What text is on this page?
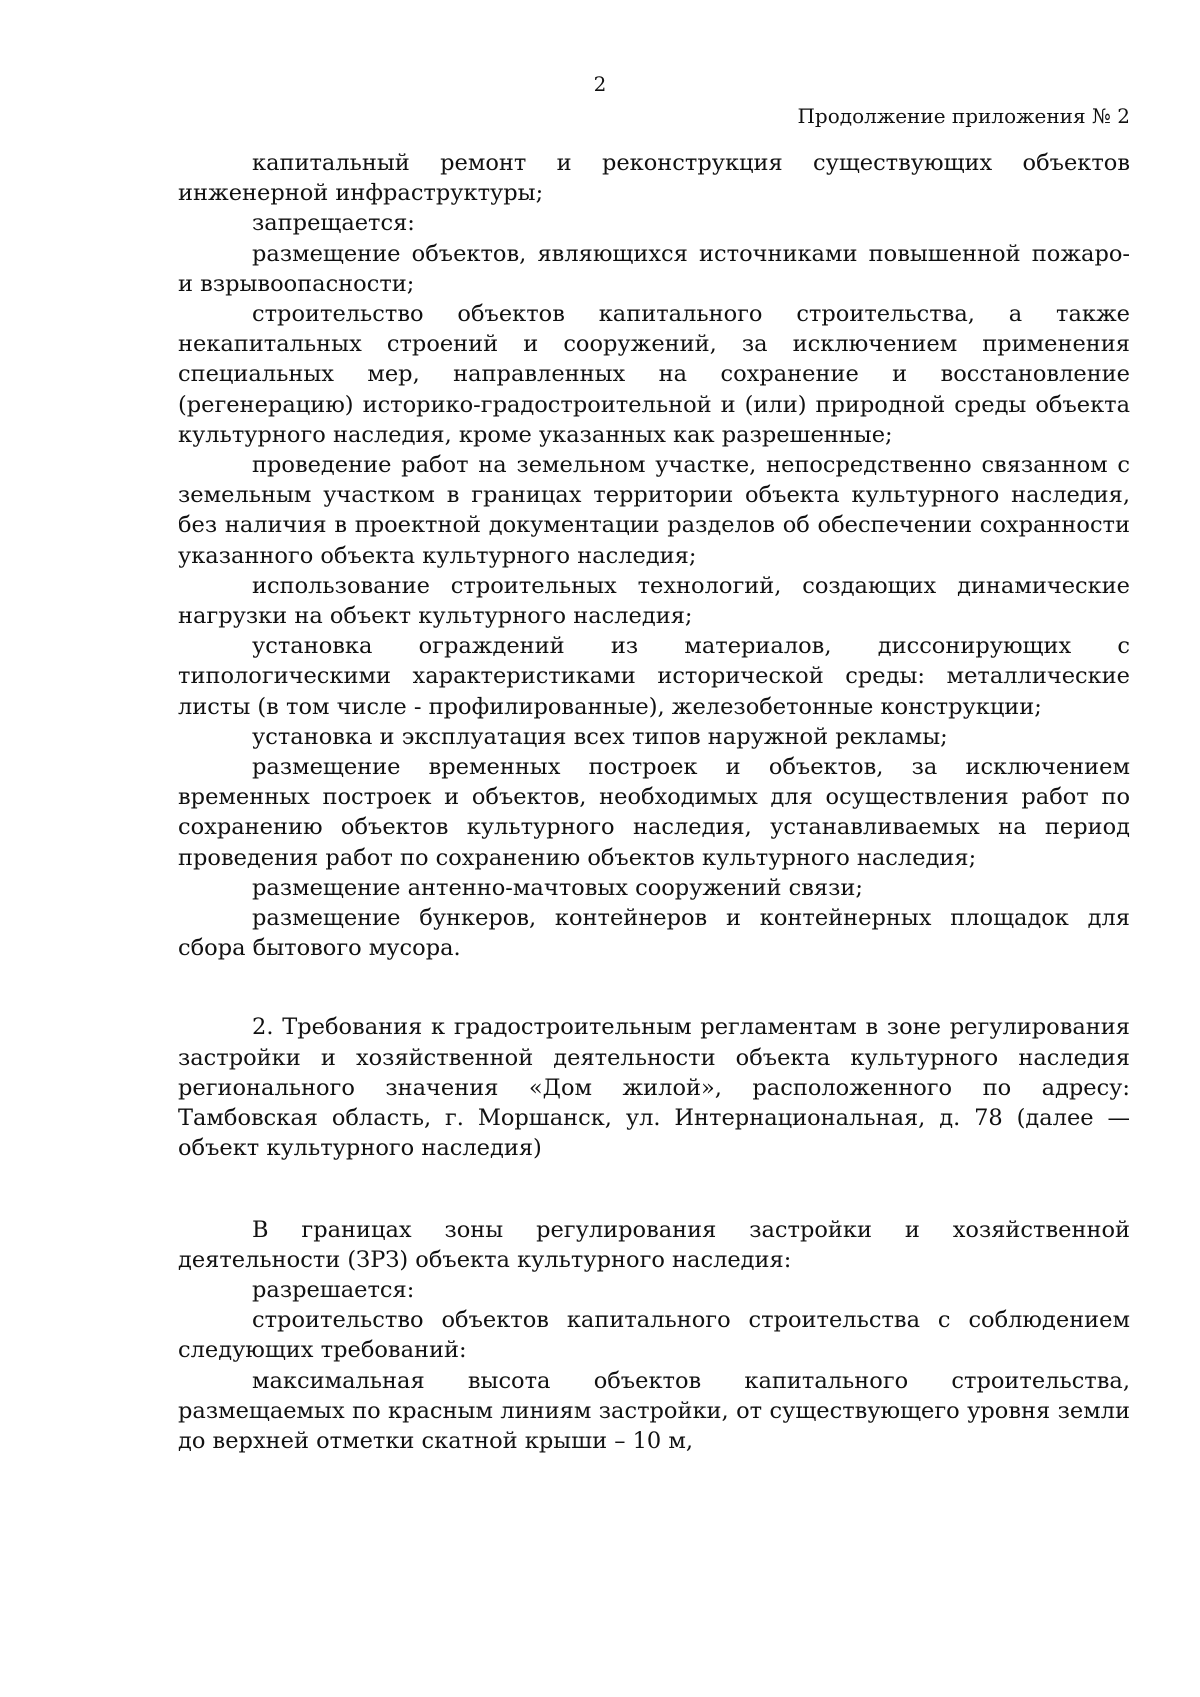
2
Продолжение приложения № 2

капитальный ремонт и реконструкция существующих объектов инженерной инфраструктуры;

запрещается:

размещение объектов, являющихся источниками повышенной пожаро- и взрывоопасности;

строительство объектов капитального строительства, а также некапитальных строений и сооружений, за исключением применения специальных мер, направленных на сохранение и восстановление (регенерацию) историко-градостроительной и (или) природной среды объекта культурного наследия, кроме указанных как разрешенные;

проведение работ на земельном участке, непосредственно связанном с земельным участком в границах территории объекта культурного наследия, без наличия в проектной документации разделов об обеспечении сохранности указанного объекта культурного наследия;

использование строительных технологий, создающих динамические нагрузки на объект культурного наследия;

установка ограждений из материалов, диссонирующих с типологическими характеристиками исторической среды: металлические листы (в том числе - профилированные), железобетонные конструкции;

установка и эксплуатация всех типов наружной рекламы;

размещение временных построек и объектов, за исключением временных построек и объектов, необходимых для осуществления работ по сохранению объектов культурного наследия, устанавливаемых на период проведения работ по сохранению объектов культурного наследия;

размещение антенно-мачтовых сооружений связи;

размещение бункеров, контейнеров и контейнерных площадок для сбора бытового мусора.

2. Требования к градостроительным регламентам в зоне регулирования застройки и хозяйственной деятельности объекта культурного наследия регионального значения «Дом жилой», расположенного по адресу: Тамбовская область, г. Моршанск, ул. Интернациональная, д. 78 (далее — объект культурного наследия)

В границах зоны регулирования застройки и хозяйственной деятельности (ЗРЗ) объекта культурного наследия:

разрешается:

строительство объектов капитального строительства с соблюдением следующих требований:

максимальная высота объектов капитального строительства, размещаемых по красным линиям застройки, от существующего уровня земли до верхней отметки скатной крыши – 10 м,
